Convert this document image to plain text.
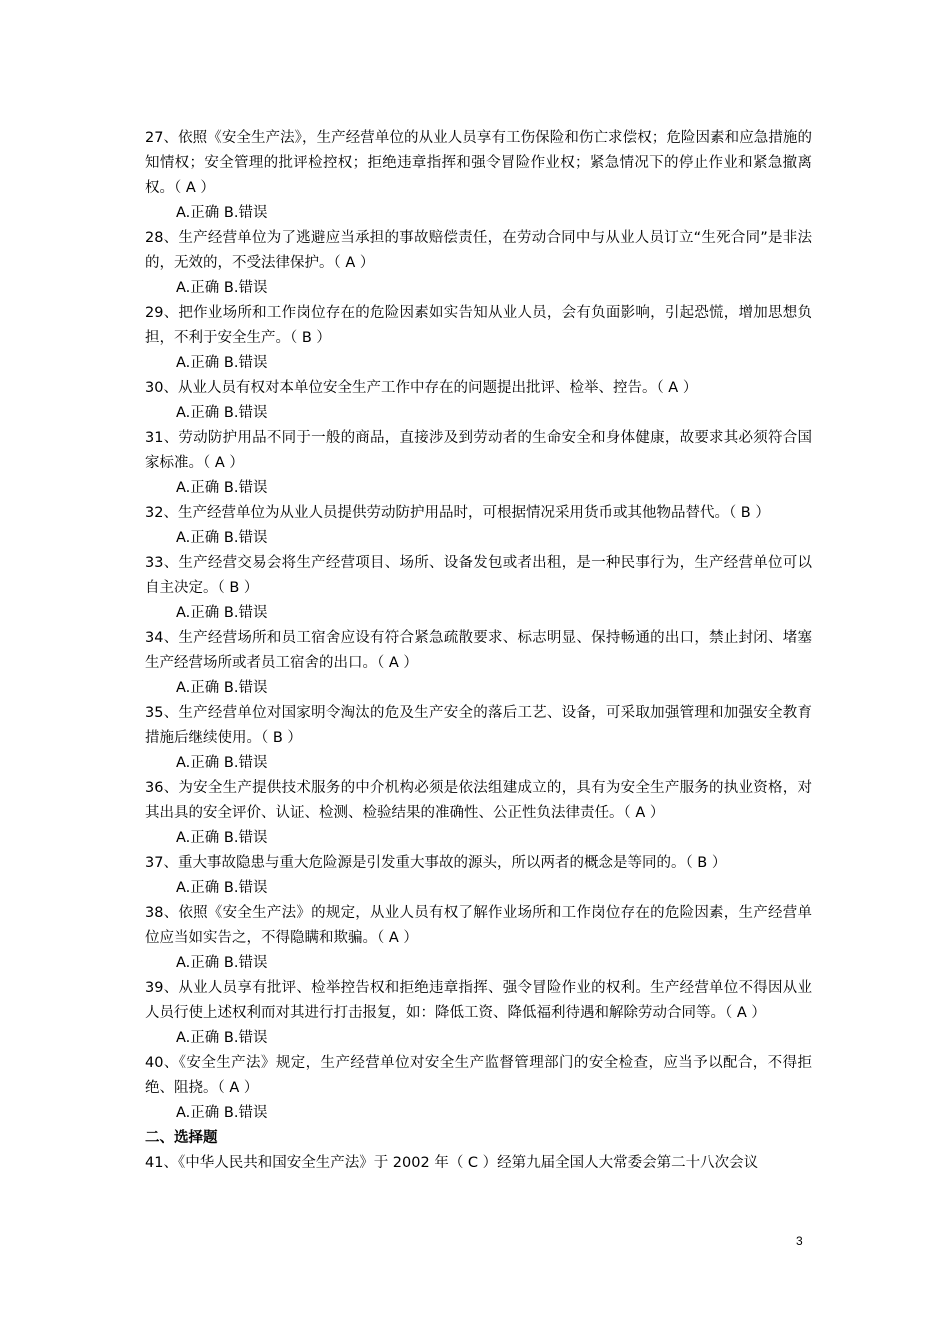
27、依照《安全生产法》，生产经营单位的从业人员享有工伤保险和伤亡求偿权；危险因素和应急措施的知情权；安全管理的批评检控权；拒绝违章指挥和强令冒险作业权；紧急情况下的停止作业和紧急撤离权。（ A ）

A.正确 B.错误

28、生产经营单位为了逃避应当承担的事故赔偿责任，在劳动合同中与从业人员订立“生死合同”是非法的，无效的，不受法律保护。（ A ）

A.正确 B.错误

29、把作业场所和工作岗位存在的危险因素如实告知从业人员，会有负面影响，引起恐慌，增加思想负担，不利于安全生产。（ B ）

A.正确 B.错误

30、从业人员有权对本单位安全生产工作中存在的问题提出批评、检举、控告。（ A ）

A.正确 B.错误

31、劳动防护用品不同于一般的商品，直接涉及到劳动者的生命安全和身体健康，故要求其必须符合国家标准。（ A ）

A.正确 B.错误

32、生产经营单位为从业人员提供劳动防护用品时，可根据情况采用货币或其他物品替代。（ B ）

A.正确 B.错误

33、生产经营交易会将生产经营项目、场所、设备发包或者出租，是一种民事行为，生产经营单位可以自主决定。（ B ）

A.正确 B.错误

34、生产经营场所和员工宿舍应设有符合紧急疏散要求、标志明显、保持畅通的出口，禁止封闭、堵塞生产经营场所或者员工宿舍的出口。（ A ）

A.正确 B.错误

35、生产经营单位对国家明令淘汰的危及生产安全的落后工艺、设备，可采取加强管理和加强安全教育措施后继续使用。（ B ）

A.正确 B.错误

36、为安全生产提供技术服务的中介机构必须是依法组建成立的，具有为安全生产服务的执业资格，对其出具的安全评价、认证、检测、检验结果的准确性、公正性负法律责任。（ A ）

A.正确 B.错误

37、重大事故隐患与重大危险源是引发重大事故的源头，所以两者的概念是等同的。（ B ）

A.正确 B.错误

38、依照《安全生产法》的规定，从业人员有权了解作业场所和工作岗位存在的危险因素，生产经营单位应当如实告之，不得隐瞒和欺骗。（ A ）

A.正确 B.错误

39、从业人员享有批评、检举控告权和拒绝违章指挥、强令冒险作业的权利。生产经营单位不得因从业人员行使上述权利而对其进行打击报复，如：降低工资、降低福利待遇和解除劳动合同等。（ A ）

A.正确 B.错误

40、《安全生产法》规定，生产经营单位对安全生产监督管理部门的安全检查，应当予以配合，不得拒绝、阻挠。（ A ）

A.正确 B.错误

二、选择题

41、《中华人民共和国安全生产法》于 2002 年（ C ）经第九届全国人大常委会第二十八次会议

3
